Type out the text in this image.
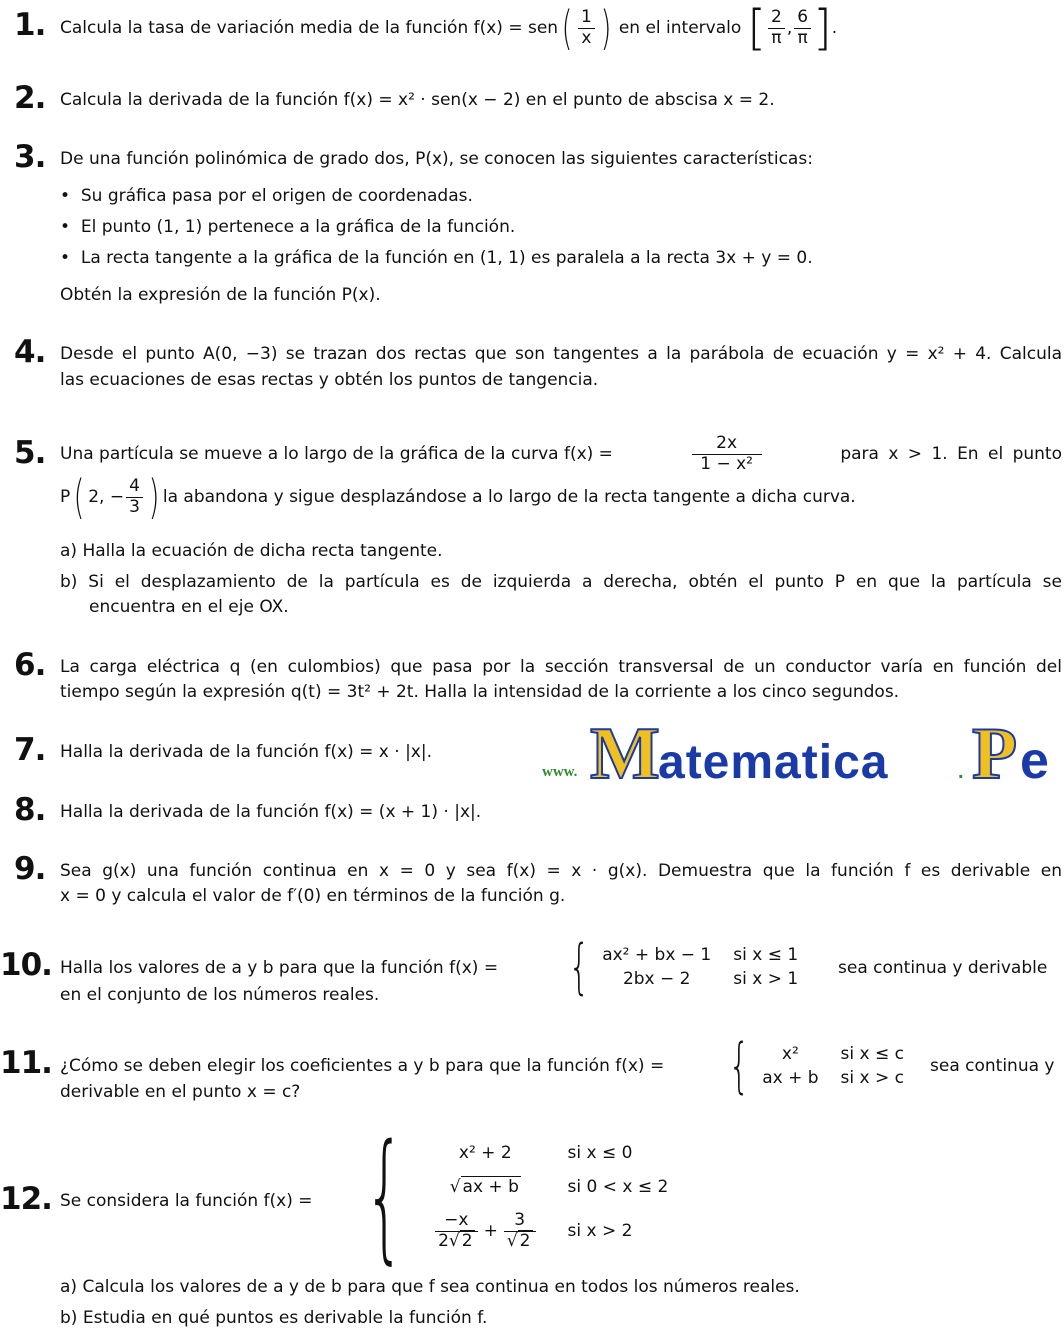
1. Calcula la tasa de variación media de la función f(x) = sen ( $\frac{1}{x}$ ) en el intervalo [ $\frac{2}{\pi}$ , $\frac{6}{\pi}$ ] .
2. Calcula la derivada de la función f(x) = x² · sen(x − 2) en el punto de abscisa x = 2.
3. De una función polinómica de grado dos, P(x), se conocen las siguientes características:
•  Su gráfica pasa por el origen de coordenadas.
•  El punto (1, 1) pertenece a la gráfica de la función.
•  La recta tangente a la gráfica de la función en (1, 1) es paralela a la recta 3x + y = 0.
Obtén la expresión de la función P(x).
4. Desde el punto A(0, −3) se trazan dos rectas que son tangentes a la parábola de ecuación y = x² + 4. Calcula
las ecuaciones de esas rectas y obtén los puntos de tangencia.
5. Una partícula se mueve a lo largo de la gráfica de la curva f(x) =	$\frac{2x}{\text{1 − x²}}$	para x > 1. En el punto
P ( 2, − $\frac{4}{3}$ ) la abandona y sigue desplazándose a lo largo de la recta tangente a dicha curva.
a) Halla la ecuación de dicha recta tangente.
b) Si el desplazamiento de la partícula es de izquierda a derecha, obtén el punto P en que la partícula se
encuentra en el eje OX.
6. La carga eléctrica q (en culombios) que pasa por la sección transversal de un conductor varía en función del
tiempo según la expresión q(t) = 3t² + 2t. Halla la intensidad de la corriente a los cinco segundos.
7. Halla la derivada de la función f(x) = x · |x|.
www. M
atematica	. P e
8. Halla la derivada de la función f(x) = (x + 1) · |x|.
9. Sea g(x) una función continua en x = 0 y sea f(x) = x · g(x). Demuestra que la función f es derivable en
x = 0 y calcula el valor de f′(0) en términos de la función g.
10. Halla los valores de a y b para que la función f(x) = { ax² + bx − 1 si x ≤ 1
2bx − 2	si x > 1
sea continua y derivable
en el conjunto de los números reales.
11. ¿Cómo se deben elegir los coeficientes a y b para que la función f(x) = {	x²	si x ≤ c
ax + b si x > c
sea continua y
derivable en el punto x = c?
12. Se considera la función f(x) = {	x² + 2	si x ≤ 0
√ ax + b	si 0 < x ≤ 2
$\frac{-x}{2√ 2} + \frac{3}{√ 2}$ si x > 2
a) Calcula los valores de a y de b para que f sea continua en todos los números reales.
b) Estudia en qué puntos es derivable la función f.
